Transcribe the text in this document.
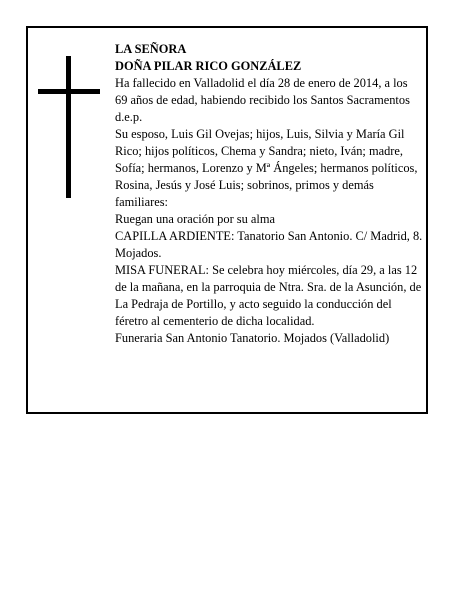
LA SEÑORA

DOÑA PILAR RICO GONZÁLEZ

Ha fallecido en Valladolid el día 28 de enero de 2014, a los 69 años de edad, habiendo recibido los Santos Sacramentos

d.e.p.

Su esposo, Luis Gil Ovejas; hijos, Luis, Silvia y María Gil Rico; hijos políticos, Chema y Sandra; nieto, Iván; madre, Sofía; hermanos, Lorenzo y Mª Ángeles; hermanos políticos, Rosina, Jesús y José Luis; sobrinos, primos y demás familiares:

Ruegan una oración por su alma

CAPILLA ARDIENTE: Tanatorio San Antonio. C/ Madrid, 8. Mojados.

MISA FUNERAL: Se celebra hoy miércoles, día 29, a las 12 de la mañana, en la parroquia de Ntra. Sra. de la Asunción, de La Pedraja de Portillo, y acto seguido la conducción del féretro al cementerio de dicha localidad.

Funeraria San Antonio Tanatorio. Mojados (Valladolid)
